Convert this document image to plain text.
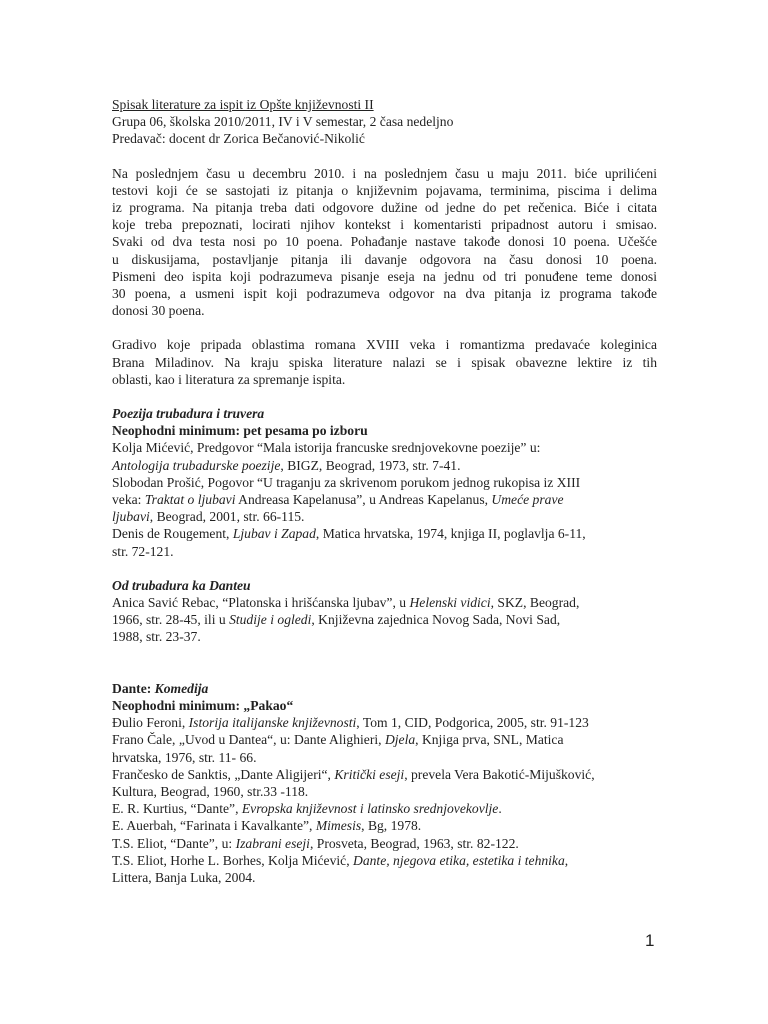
Spisak literature za ispit iz Opšte književnosti II
Grupa 06, školska 2010/2011, IV i V semestar, 2 časa nedeljno
Predavač: docent dr Zorica Bečanović-Nikolić
Na poslednjem času u decembru 2010. i na poslednjem času u maju 2011. biće uprilićeni
testovi koji će se sastojati iz pitanja o književnim pojavama, terminima, piscima i delima
iz programa. Na pitanja treba dati odgovore dužine od jedne do pet rečenica. Biće i citata
koje treba prepoznati, locirati njihov kontekst i komentaristi pripadnost autoru i smisao.
Svaki od dva testa nosi po 10 poena. Pohađanje nastave takođe donosi 10 poena. Učešće
u diskusijama, postavljanje pitanja ili davanje odgovora na času donosi 10 poena.
Pismeni deo ispita koji podrazumeva pisanje eseja na jednu od tri ponuđene teme donosi
30 poena, a usmeni ispit koji podrazumeva odgovor na dva pitanja iz programa takođe
donosi 30 poena.
Gradivo koje pripada oblastima romana XVIII veka i romantizma predavaće koleginica
Brana Miladinov. Na kraju spiska literature nalazi se i spisak obavezne lektire iz tih
oblasti, kao i literatura za spremanje ispita.
Poezija trubadura i truvera
Neophodni minimum: pet pesama po izboru
Kolja Mićević, Predgovor “Mala istorija francuske srednjovekovne poezije” u:
Antologija trubadurske poezije, BIGZ, Beograd, 1973, str. 7-41.
Slobodan Prošić, Pogovor “U traganju za skrivenom porukom jednog rukopisa iz XIII
veka: Traktat o ljubavi Andreasa Kapelanusa”, u Andreas Kapelanus, Umeće prave
ljubavi, Beograd, 2001, str. 66-115.
Denis de Rougement, Ljubav i Zapad, Matica hrvatska, 1974, knjiga II, poglavlja 6-11,
str. 72-121.
Od trubadura ka Danteu
Anica Savić Rebac, “Platonska i hrišćanska ljubav”, u Helenski vidici, SKZ, Beograd,
1966, str. 28-45, ili u Studije i ogledi, Književna zajednica Novog Sada, Novi Sad,
1988, str. 23-37.
Dante: Komedija
Neophodni minimum: „Pakao“
Đulio Feroni, Istorija italijanske književnosti, Tom 1, CID, Podgorica, 2005, str. 91-123
Frano Čale, „Uvod u Dantea“, u: Dante Alighieri, Djela, Knjiga prva, SNL, Matica
hrvatska, 1976, str. 11- 66.
Frančesko de Sanktis, „Dante Aligijeri“, Kritički eseji, prevela Vera Bakotić-Mijušković,
Kultura, Beograd, 1960, str.33 -118.
E. R. Kurtius, “Dante”, Evropska književnost i latinsko srednjovekovlje.
E. Auerbah, “Farinata i Kavalkante”, Mimesis, Bg, 1978.
T.S. Eliot, “Dante”, u: Izabrani eseji, Prosveta, Beograd, 1963, str. 82-122.
T.S. Eliot, Horhe L. Borhes, Kolja Mićević, Dante, njegova etika, estetika i tehnika,
Littera, Banja Luka, 2004.
1
